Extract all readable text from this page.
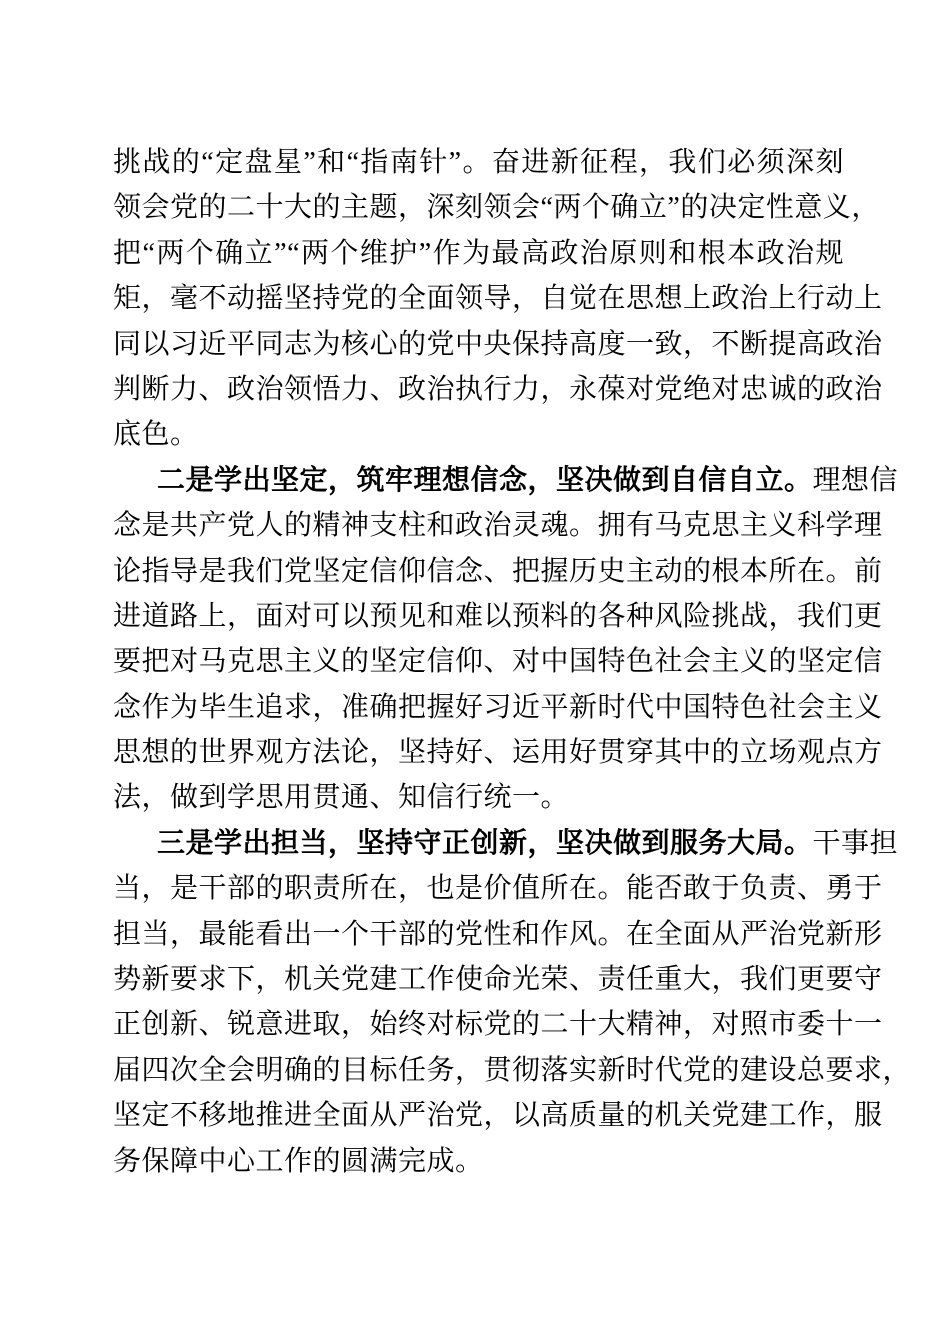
挑战的“定盘星”和“指南针”。奋进新征程，我们必须深刻
领会党的二十大的主题，深刻领会“两个确立”的决定性意义，
把“两个确立”“两个维护”作为最高政治原则和根本政治规
矩，毫不动摇坚持党的全面领导，自觉在思想上政治上行动上
同以习近平同志为核心的党中央保持高度一致，不断提高政治
判断力、政治领悟力、政治执行力，永葆对党绝对忠诚的政治
底色。
二是学出坚定，筑牢理想信念，坚决做到自信自立。理想信
念是共产党人的精神支柱和政治灵魂。拥有马克思主义科学理
论指导是我们党坚定信仰信念、把握历史主动的根本所在。前
进道路上，面对可以预见和难以预料的各种风险挑战，我们更
要把对马克思主义的坚定信仰、对中国特色社会主义的坚定信
念作为毕生追求，准确把握好习近平新时代中国特色社会主义
思想的世界观方法论，坚持好、运用好贯穿其中的立场观点方
法，做到学思用贯通、知信行统一。
三是学出担当，坚持守正创新，坚决做到服务大局。干事担
当，是干部的职责所在，也是价值所在。能否敢于负责、勇于
担当，最能看出一个干部的党性和作风。在全面从严治党新形
势新要求下，机关党建工作使命光荣、责任重大，我们更要守
正创新、锐意进取，始终对标党的二十大精神，对照市委十一
届四次全会明确的目标任务，贯彻落实新时代党的建设总要求，
坚定不移地推进全面从严治党，以高质量的机关党建工作，服
务保障中心工作的圆满完成。
